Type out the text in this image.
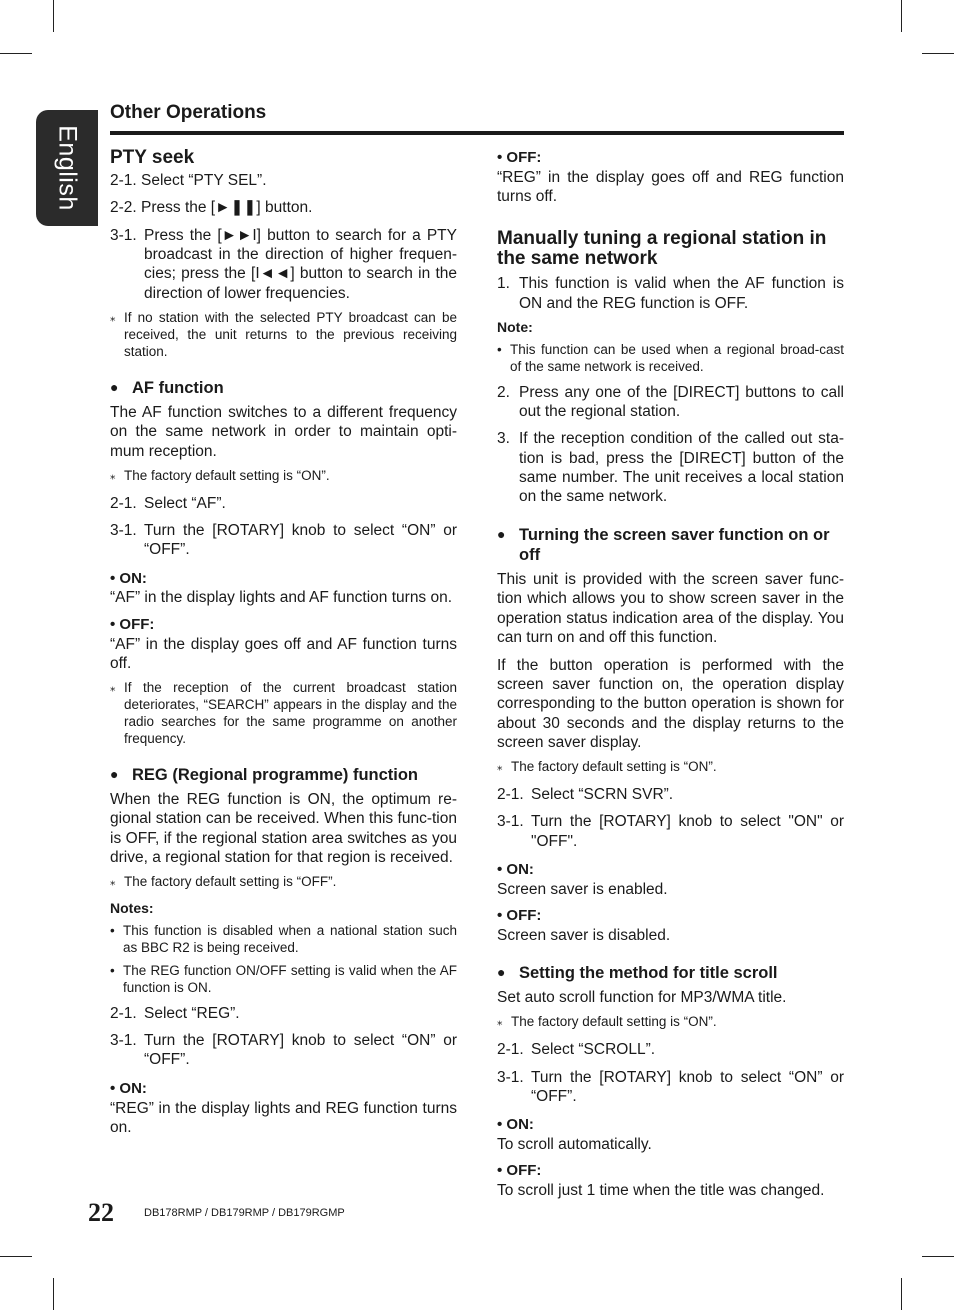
English
Other Operations

PTY seek

2-1. Select “PTY SEL”.

2-2. Press the [►❚❚] button.

3-1. Press the [►►I] button to search for a PTY broadcast in the direction of higher frequen-cies; press the [I◄◄] button to search in the direction of lower frequencies.
⁎ If no station with the selected PTY broadcast can be received, the unit returns to the previous receiving station.

● AF function

The AF function switches to a different frequency on the same network in order to maintain opti-mum reception.

⁎ The factory default setting is “ON”.
2-1. Select “AF”.
3-1. Turn the [ROTARY] knob to select “ON” or “OFF”.

• ON:

“AF” in the display lights and AF function turns on.

• OFF:

“AF” in the display goes off and AF function turns off.

⁎ If the reception of the current broadcast station deteriorates, “SEARCH” appears in the display and the radio searches for the same programme on another frequency.

● REG (Regional programme) function

When the REG function is ON, the optimum re-gional station can be received. When this func-tion is OFF, if the regional station area switches as you drive, a regional station for that region is received.

⁎ The factory default setting is “OFF”.

Notes:

• This function is disabled when a national station such as BBC R2 is being received.
• The REG function ON/OFF setting is valid when the AF function is ON.
2-1. Select “REG”.
3-1. Turn the [ROTARY] knob to select “ON” or “OFF”.

• ON:

“REG” in the display lights and REG function turns on.

• OFF:

“REG” in the display goes off and REG function turns off.

Manually tuning a regional station in the same network

1. This function is valid when the AF function is ON and the REG function is OFF.

Note:

• This function can be used when a regional broad-cast of the same network is received.
2. Press any one of the [DIRECT] buttons to call out the regional station.
3. If the reception condition of the called out sta-tion is bad, press the [DIRECT] button of the same number. The unit receives a local station on the same network.

● Turning the screen saver function on or off

This unit is provided with the screen saver func-tion which allows you to show screen saver in the operation status indication area of the display. You can turn on and off this function.

If the button operation is performed with the screen saver function on, the operation display corresponding to the button operation is shown for about 30 seconds and the display returns to the screen saver display.

⁎ The factory default setting is “ON”.
2-1. Select “SCRN SVR”.
3-1. Turn the [ROTARY] knob to select "ON" or "OFF".

• ON:

Screen saver is enabled.

• OFF:

Screen saver is disabled.

● Setting the method for title scroll

Set auto scroll function for MP3/WMA title.

⁎ The factory default setting is “ON”.
2-1. Select “SCROLL”.
3-1. Turn the [ROTARY] knob to select “ON” or “OFF”.

• ON:

To scroll automatically.

• OFF:

To scroll just 1 time when the title was changed.

22	DB178RMP / DB179RMP / DB179RGMP
